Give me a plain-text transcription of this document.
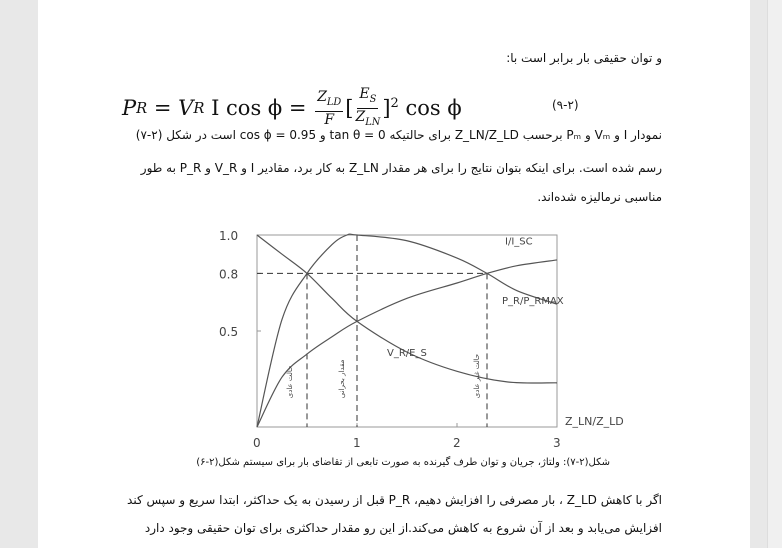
و توان حقیقی بار برابر است با:
P R = V R
I cos ϕ =
$\frac{Z_{LD}}{F}$ [ $\frac{E_S}{Z_{LN}} ]^2$ cos ϕ	(۹-۲)
نمودار I و Vₘ و Pₘ برحسب Z_LN/Z_LD برای حالتیکه tan θ = 0 و cos ϕ = 0.95 است در شکل (۲-۷)
رسم شده است. برای اینکه بتوان نتایج را برای هر مقدار Z_LN به کار برد، مقادیر I و V_R و P_R به طور
مناسبی نرمالیزه شده‌اند.
1.0
0.8
0.5
0	1	2	3
Z_LN/Z_LD
I/I_SC
V_R/E_S
P_R/P_RMAX
حالت عادی	مقدار بحرانی	حالت غیر عادی
شکل(۲-۷): ولتاژ، جریان و توان طرف گیرنده به صورت تابعی از تقاضای بار برای سیستم شکل(۲-۶)
اگر با کاهش Z_LD ، بار مصرفی را افزایش دهیم، P_R قبل از رسیدن به یک حداکثر، ابتدا سریع و سپس کند
افزایش می‌یابد و بعد از آن شروع به کاهش می‌کند.از این رو مقدار حداکثری برای توان حقیقی وجود دارد
